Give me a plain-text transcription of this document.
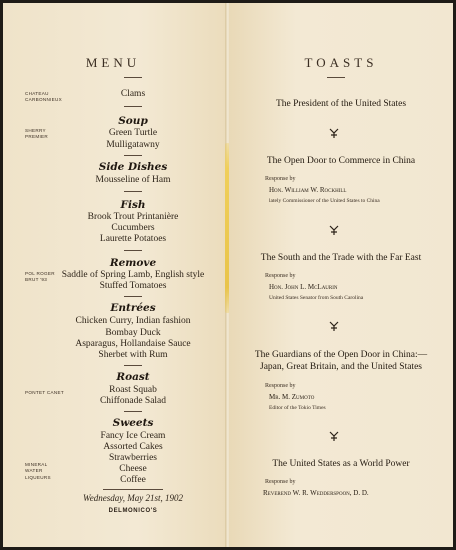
MENU
CHATEAU
CARBONNIEUX
SHERRY
PREMIER
POL ROGER
BRUT '93
PONTET CANET
MINERAL
WATER
LIQUEURS
Clams
Soup
Green Turtle
Mulligatawny
Side Dishes
Mousseline of Ham
Fish
Brook Trout Printanière
Cucumbers
Laurette Potatoes
Remove
Saddle of Spring Lamb, English style
Stuffed Tomatoes
Entrées
Chicken Curry, Indian fashion
Bombay Duck
Asparagus, Hollandaise Sauce
Sherbet with Rum
Roast
Roast Squab
Chiffonade Salad
Sweets
Fancy Ice Cream
Assorted Cakes
Strawberries
Cheese
Coffee
Wednesday, May 21st, 1902
DELMONICO'S
TOASTS
The President of the United States
The Open Door to Commerce in China
Response by
Hon. William W. Rockhill
lately Commissioner of the United States to China
The South and the Trade with the Far East
Response by
Hon. John L. McLaurin
United States Senator from South Carolina
The Guardians of the Open Door in China:—
Japan, Great Britain, and the United States
Response by
Mr. M. Zumoto
Editor of the Tokio Times
The United States as a World Power
Response by
Reverend W. R. Wedderspoon, D. D.
